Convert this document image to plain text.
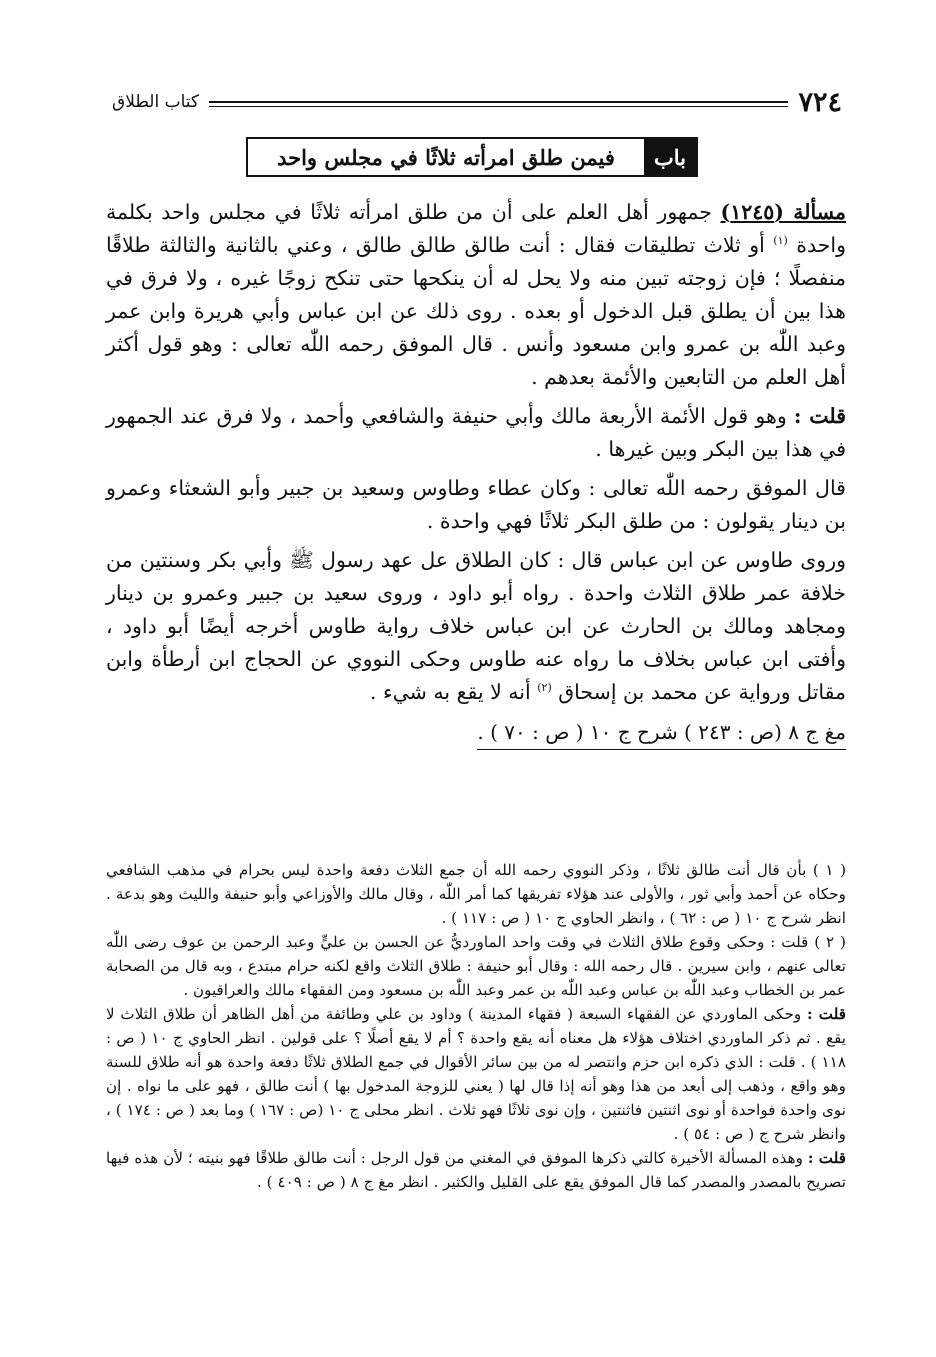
٧٢٤
كتاب الطلاق
باب
فيمن طلق امرأته ثلاثًا في مجلس واحد

مسألة (١٢٤٥) جمهور أهل العلم على أن من طلق امرأته ثلاثًا في مجلس واحد بكلمة واحدة $^{(١)}$ أو ثلاث تطليقات فقال : أنت طالق طالق طالق ، وعني بالثانية والثالثة طلاقًا منفصلًا ؛ فإن زوجته تبين منه ولا يحل له أن ينكحها حتى تنكح زوجًا غيره ، ولا فرق في هذا بين أن يطلق قبل الدخول أو بعده . روى ذلك عن ابن عباس وأبي هريرة وابن عمر وعبد اللّٰه بن عمرو وابن مسعود وأنس . قال الموفق رحمه اللّٰه تعالى : وهو قول أكثر أهل العلم من التابعين والأئمة بعدهم .

قلت : وهو قول الأئمة الأربعة مالك وأبي حنيفة والشافعي وأحمد ، ولا فرق عند الجمهور في هذا بين البكر وبين غيرها .

قال الموفق رحمه اللّٰه تعالى : وكان عطاء وطاوس وسعيد بن جبير وأبو الشعثاء وعمرو بن دينار يقولون : من طلق البكر ثلاثًا فهي واحدة .

وروى طاوس عن ابن عباس قال : كان الطلاق عل عهد رسول ﷺ وأبي بكر وسنتين من خلافة عمر طلاق الثلاث واحدة . رواه أبو داود ، وروى سعيد بن جبير وعمرو بن دينار ومجاهد ومالك بن الحارث عن ابن عباس خلاف رواية طاوس أخرجه أيضًا أبو داود ، وأفتى ابن عباس بخلاف ما رواه عنه طاوس وحكى النووي عن الحجاج ابن أرطأة وابن مقاتل ورواية عن محمد بن إسحاق $^{(٢)}$ أنه لا يقع به شيء .

مغ ج ٨ (ص : ٢٤٣ ) شرح ج ١٠ ( ص : ٧٠ ) .

( ١ ) بأن قال أنت طالق ثلاثًا ، وذكر النووي رحمه الله أن جمع الثلاث دفعة واحدة ليس بحرام في مذهب الشافعي وحكاه عن أحمد وأبي ثور ، والأولى عند هؤلاء تفريقها كما أمر اللّٰه ، وقال مالك والأوزاعي وأبو حنيفة والليث وهو بدعة . انظر شرح ج ١٠ ( ص : ٦٢ ) ، وانظر الحاوي ج ١٠ ( ص : ١١٧ ) .

( ٢ ) قلت : وحكى وقوع طلاق الثلاث في وقت واحد الماورديُّ عن الحسن بن عليٍّ وعبد الرحمن بن عوف رضى اللّٰه تعالى عنهم ، وابن سيرين . قال رحمه الله : وقال أبو حنيفة : طلاق الثلاث واقع لكنه حرام مبتدع ، وبه قال من الصحابة عمر بن الخطاب وعبد اللّٰه بن عباس وعبد اللّٰه بن عمر وعبد اللّٰه بن مسعود ومن الفقهاء مالك والعراقيون .

قلت : وحكى الماوردي عن الفقهاء السبعة ( فقهاء المدينة ) وداود بن علي وطائفة من أهل الظاهر أن طلاق الثلاث لا يقع . ثم ذكر الماوردي اختلاف هؤلاء هل معناه أنه يقع واحدة ؟ أم لا يقع أصلًا ؟ على قولين . انظر الحاوي ج ١٠ ( ص : ١١٨ ) . قلت : الذي ذكره ابن حزم وانتصر له من بين سائر الأقوال في جمع الطلاق ثلاثًا دفعة واحدة هو أنه طلاق للسنة وهو واقع ، وذهب إلى أبعد من هذا وهو أنه إذا قال لها ( يعني للزوجة المدخول بها ) أنت طالق ، فهو على ما نواه . إن نوى واحدة فواحدة أو نوى اثنتين فاثنتين ، وإن نوى ثلاثًا فهو ثلاث . انظر محلى ج ١٠ (ص : ١٦٧ ) وما بعد ( ص : ١٧٤ ) ، وانظر شرح ج ( ص : ٥٤ ) .

قلت : وهذه المسألة الأخيرة كالتي ذكرها الموفق في المغني من قول الرجل : أنت طالق طلاقًا فهو بنيته ؛ لأن هذه فيها تصريح بالمصدر والمصدر كما قال الموفق يقع على القليل والكثير . انظر مغ ج ٨ ( ص : ٤٠٩ ) .
